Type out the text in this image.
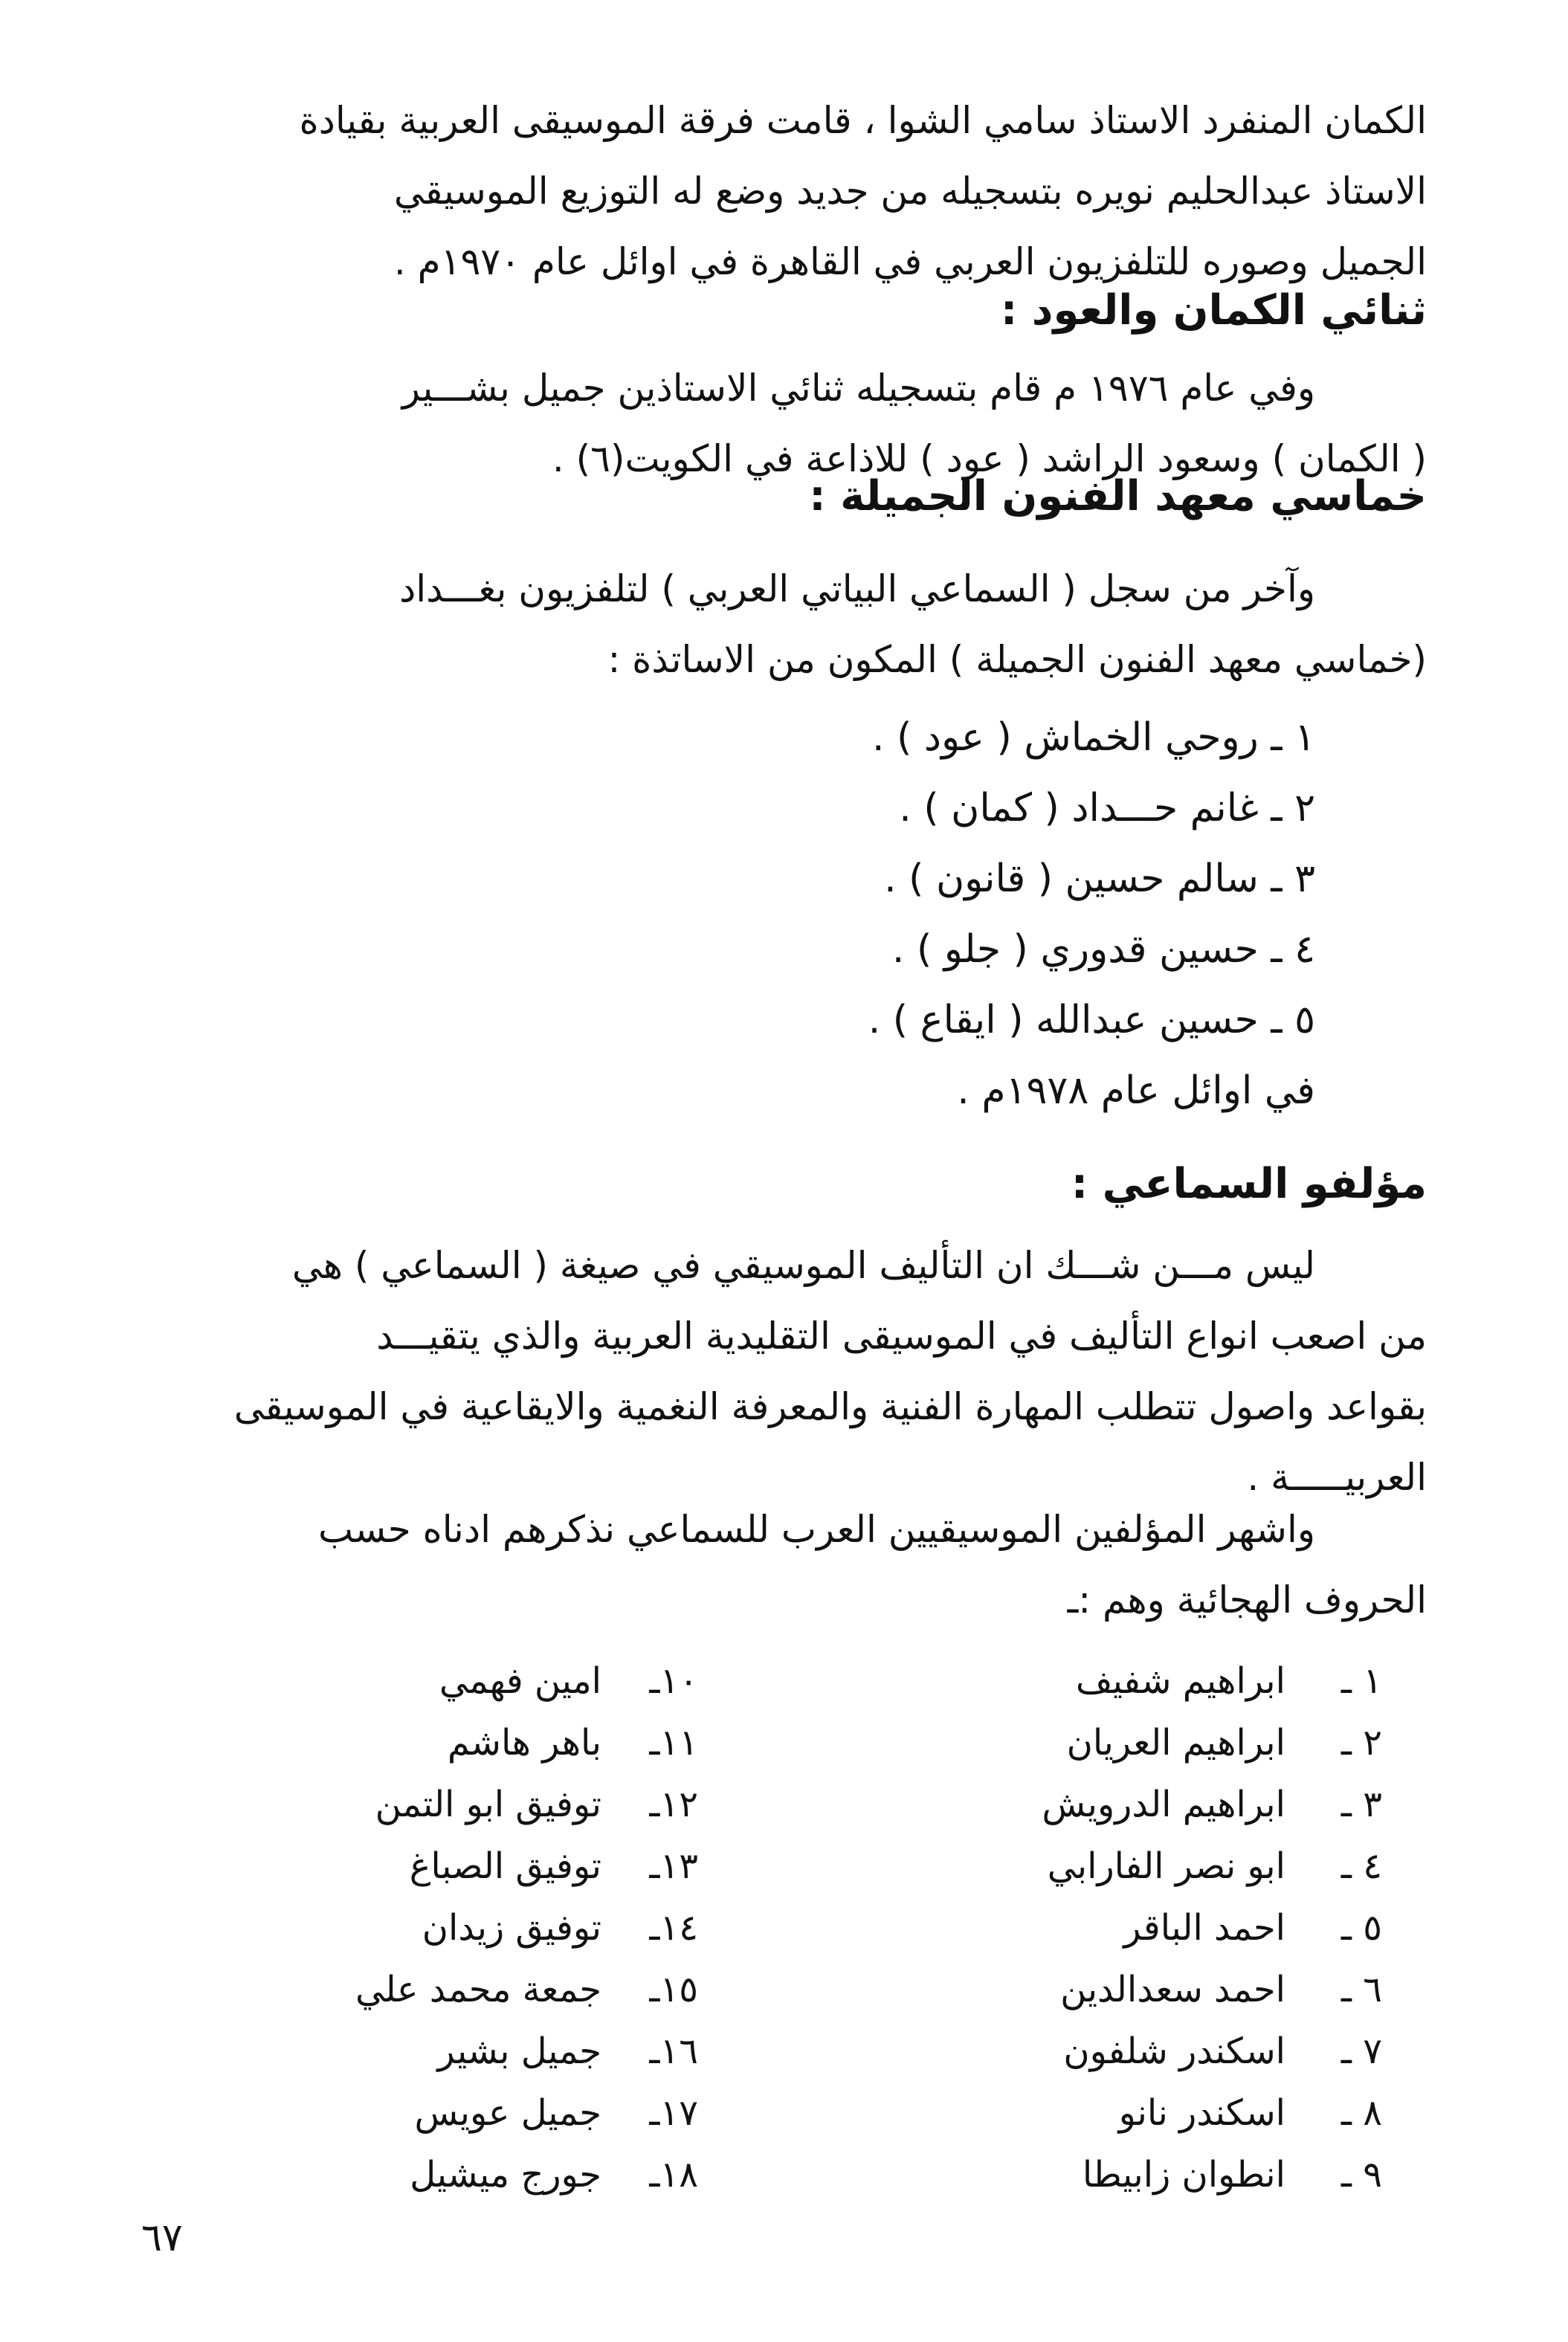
الكمان المنفرد الاستاذ سامي الشوا ، قامت فرقة الموسيقى العربية بقيادة
الاستاذ عبدالحليم نويره بتسجيله من جديد وضع له التوزيع الموسيقي
الجميل وصوره للتلفزيون العربي في القاهرة في اوائل عام ١٩٧٠م .
ثنائي الكمان والعود :
وفي عام ١٩٧٦ م قام بتسجيله ثنائي الاستاذين جميل بشـــير
( الكمان ) وسعود الراشد ( عود ) للاذاعة في الكويت(٦) .
خماسي معهد الفنون الجميلة :
وآخر من سجل ( السماعي البياتي العربي ) لتلفزيون بغـــداد
(خماسي معهد الفنون الجميلة ) المكون من الاساتذة :
١ ـ روحي الخماش ( عود ) .
٢ ـ غانم حـــداد ( كمان ) .
٣ ـ سالم حسين ( قانون ) .
٤ ـ حسين قدوري ( جلو ) .
٥ ـ حسين عبدالله ( ايقاع ) .
في اوائل عام ١٩٧٨م .
مؤلفو السماعي :
ليس مـــن شـــك ان التأليف الموسيقي في صيغة ( السماعي ) هي
من اصعب انواع التأليف في الموسيقى التقليدية العربية والذي يتقيـــد
بقواعد واصول تتطلب المهارة الفنية والمعرفة النغمية والايقاعية في الموسيقى
العربيـــــة .
واشهر المؤلفين الموسيقيين العرب للسماعي نذكرهم ادناه حسب
الحروف الهجائية وهم :ـ
١ ـابراهيم شفيف
٢ ـابراهيم العريان
٣ ـابراهيم الدرويش
٤ ـابو نصر الفارابي
٥ ـاحمد الباقر
٦ ـاحمد سعدالدين
٧ ـاسكندر شلفون
٨ ـاسكندر نانو
٩ ـانطوان زابيطا
١٠ـامين فهمي
١١ـباهر هاشم
١٢ـتوفيق ابو التمن
١٣ـتوفيق الصباغ
١٤ـتوفيق زيدان
١٥ـجمعة محمد علي
١٦ـجميل بشير
١٧ـجميل عويس
١٨ـجورج ميشيل
٦٧
